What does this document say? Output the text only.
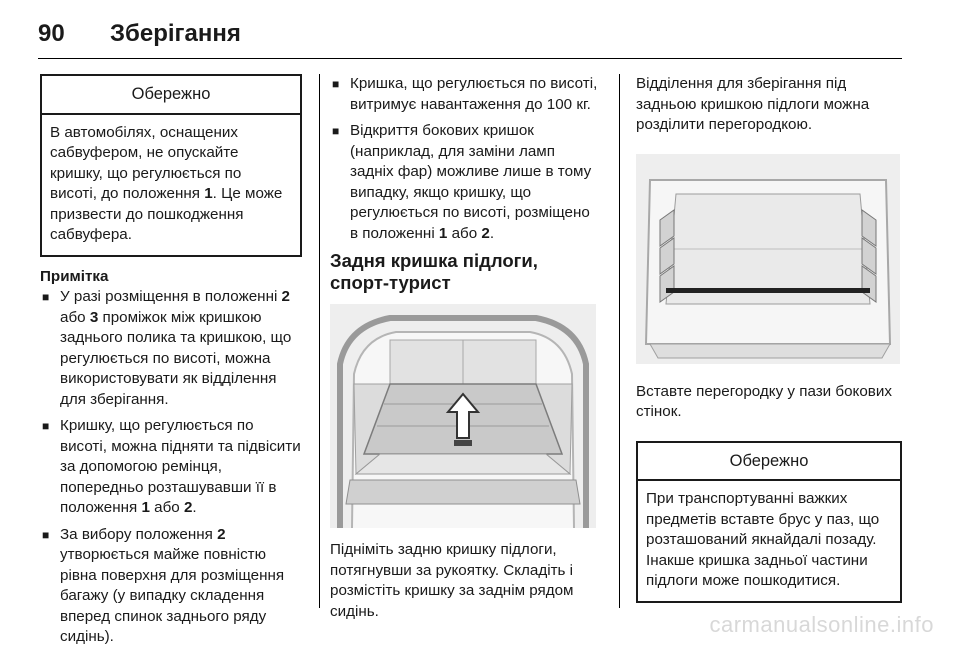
90	Зберігання
Обережно
В автомобілях, оснащених сабвуфером, не опускайте кришку, що регулюється по висоті, до положення 1. Це може призвести до пошкодження сабвуфера.
Примітка
■ У разі розміщення в положенні 2 або 3 проміжок між кришкою заднього полика та кришкою, що регулюється по висоті, можна використовувати як відділення для зберігання.
■ Кришку, що регулюється по висоті, можна підняти та підвісити за допомогою ремінця, попередньо розташувавши її в положення 1 або 2.
■ За вибору положення 2 утворюється майже повністю рівна поверхня для розміщення багажу (у випадку складення вперед спинок заднього ряду сидінь).
■ Кришка, що регулюється по висоті, витримує навантаження до 100 кг.
■ Відкриття бокових кришок (наприклад, для заміни ламп задніх фар) можливе лише в тому випадку, якщо кришку, що регулюється по висоті, розміщено в положенні 1 або 2.
Задня кришка підлоги, спорт-турист

Підніміть задню кришку підлоги, потягнувши за рукоятку. Складіть і розмістіть кришку за заднім рядом сидінь.

Відділення для зберігання під задньою кришкою підлоги можна розділити перегородкою.

Вставте перегородку у пази бокових стінок.

Обережно
При транспортуванні важких предметів вставте брус у паз, що розташований якнайдалі позаду. Інакше кришка задньої частини підлоги може пошкодитися.
carmanualsonline.info
